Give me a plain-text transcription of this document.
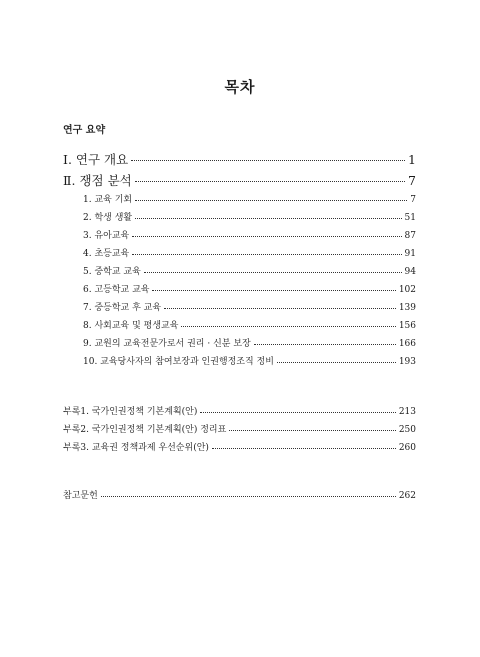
목차
연구 요약
Ⅰ. 연구 개요	1
Ⅱ. 쟁점 분석	7
1. 교육 기회	7
2. 학생 생활	51
3. 유아교육	87
4. 초등교육	91
5. 중학교 교육	94
6. 고등학교 교육	102
7. 중등학교 후 교육	139
8. 사회교육 및 평생교육	156
9. 교원의 교육전문가로서 권리 · 신분 보장	166
10. 교육당사자의 참여보장과 인권행정조직 정비	193
부록1. 국가인권정책 기본계획(안)	213
부록2. 국가인권정책 기본계획(안) 정리표	250
부록3. 교육권 정책과제 우선순위(안)	260
참고문헌	262
